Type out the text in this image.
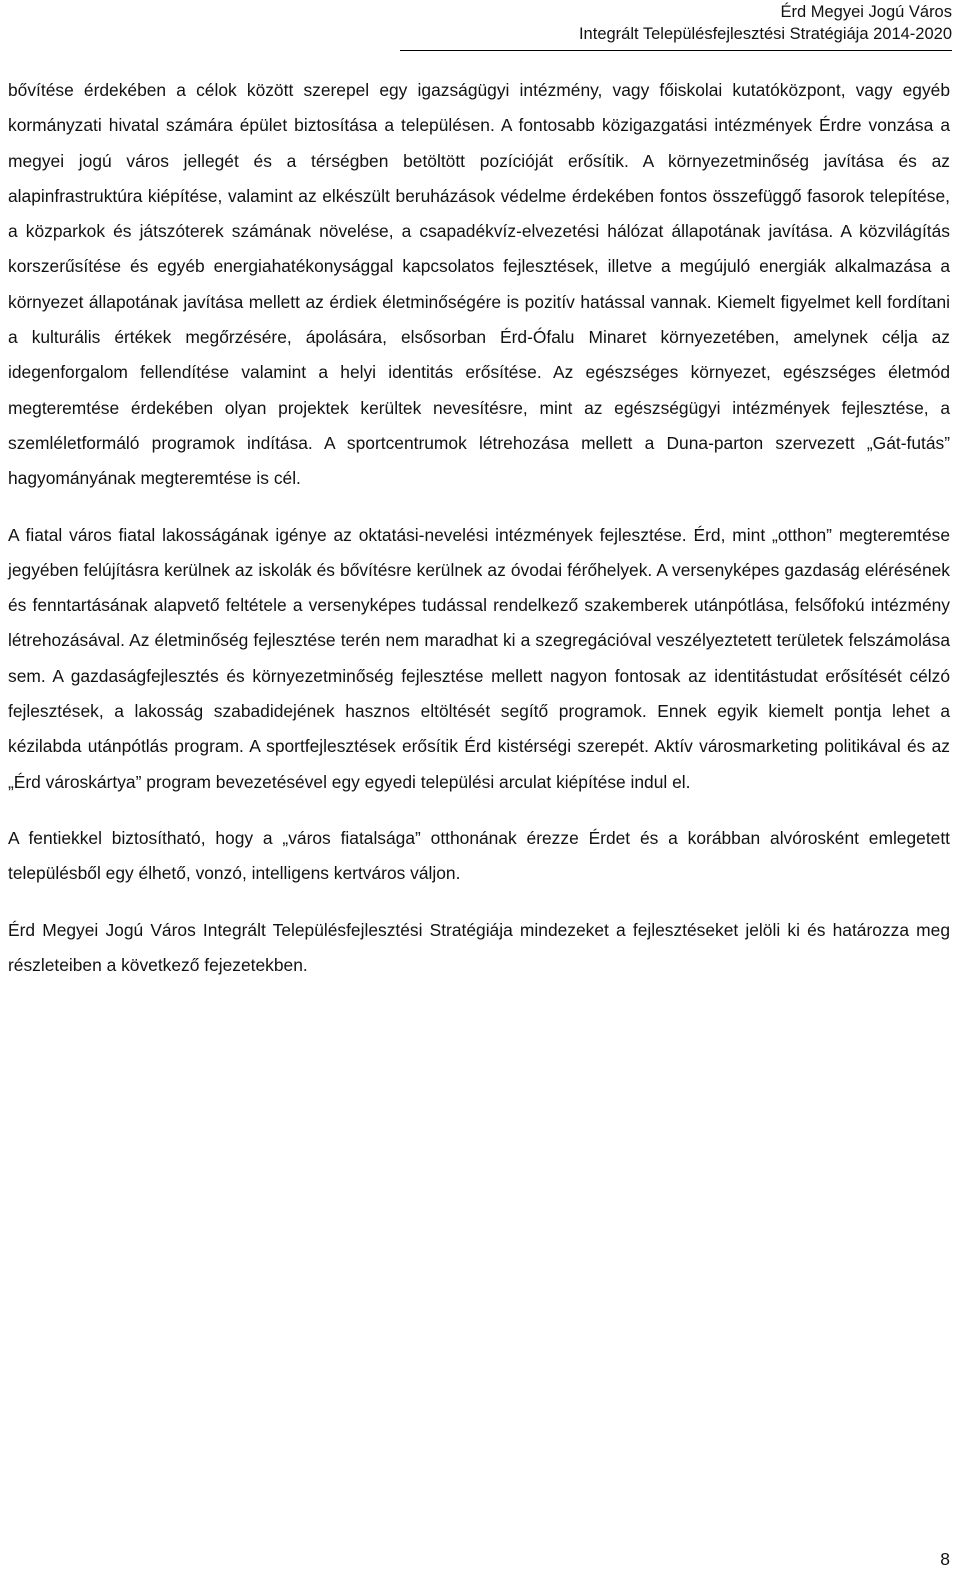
Érd Megyei Jogú Város
Integrált Településfejlesztési Stratégiája 2014-2020

bővítése érdekében a célok között szerepel egy igazságügyi intézmény, vagy főiskolai kutatóközpont, vagy egyéb kormányzati hivatal számára épület biztosítása a településen. A fontosabb közigazgatási intézmények Érdre vonzása a megyei jogú város jellegét és a térségben betöltött pozícióját erősítik. A környezetminőség javítása és az alapinfrastruktúra kiépítése, valamint az elkészült beruházások védelme érdekében fontos összefüggő fasorok telepítése, a közparkok és játszóterek számának növelése, a csapadékvíz-elvezetési hálózat állapotának javítása. A közvilágítás korszerűsítése és egyéb energiahatékonysággal kapcsolatos fejlesztések, illetve a megújuló energiák alkalmazása a környezet állapotának javítása mellett az érdiek életminőségére is pozitív hatással vannak. Kiemelt figyelmet kell fordítani a kulturális értékek megőrzésére, ápolására, elsősorban Érd-Ófalu Minaret környezetében, amelynek célja az idegenforgalom fellendítése valamint a helyi identitás erősítése. Az egészséges környezet, egészséges életmód megteremtése érdekében olyan projektek kerültek nevesítésre, mint az egészségügyi intézmények fejlesztése, a szemléletformáló programok indítása. A sportcentrumok létrehozása mellett a Duna-parton szervezett „Gát-futás” hagyományának megteremtése is cél.

A fiatal város fiatal lakosságának igénye az oktatási-nevelési intézmények fejlesztése. Érd, mint „otthon” megteremtése jegyében felújításra kerülnek az iskolák és bővítésre kerülnek az óvodai férőhelyek. A versenyképes gazdaság elérésének és fenntartásának alapvető feltétele a versenyképes tudással rendelkező szakemberek utánpótlása, felsőfokú intézmény létrehozásával. Az életminőség fejlesztése terén nem maradhat ki a szegregációval veszélyeztetett területek felszámolása sem. A gazdaságfejlesztés és környezetminőség fejlesztése mellett nagyon fontosak az identitástudat erősítését célzó fejlesztések, a lakosság szabadidejének hasznos eltöltését segítő programok. Ennek egyik kiemelt pontja lehet a kézilabda utánpótlás program. A sportfejlesztések erősítik Érd kistérségi szerepét. Aktív városmarketing politikával és az „Érd városkártya” program bevezetésével egy egyedi települési arculat kiépítése indul el.

A fentiekkel biztosítható, hogy a „város fiatalsága” otthonának érezze Érdet és a korábban alvórosként emlegetett településből egy élhető, vonzó, intelligens kertváros váljon.

Érd Megyei Jogú Város Integrált Településfejlesztési Stratégiája mindezeket a fejlesztéseket jelöli ki és határozza meg részleteiben a következő fejezetekben.

8
